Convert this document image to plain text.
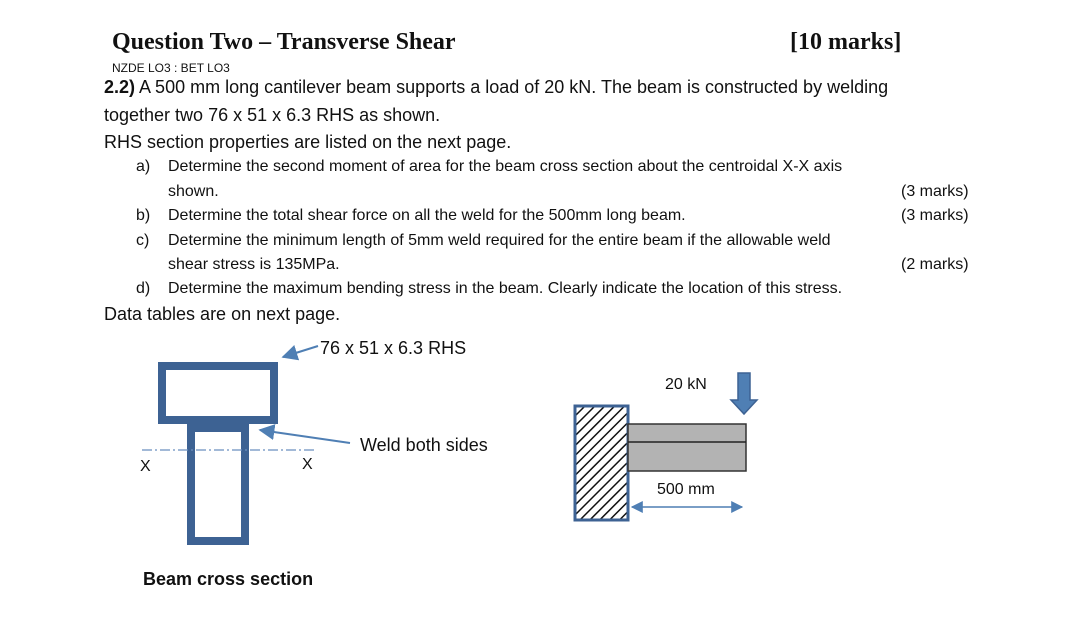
Question Two – Transverse Shear	[10 marks]
NZDE LO3 : BET LO3
2.2) A 500 mm long cantilever beam supports a load of 20 kN. The beam is constructed by welding
together two 76 x 51 x 6.3 RHS as shown.
RHS section properties are listed on the next page.
a) Determine the second moment of area for the beam cross section about the centroidal X-X axis
shown.	(3 marks)
b) Determine the total shear force on all the weld for the 500mm long beam.	(3 marks)
c) Determine the minimum length of 5mm weld required for the entire beam if the allowable weld
shear stress is 135MPa.	(2 marks)
d) Determine the maximum bending stress in the beam. Clearly indicate the location of this stress.
Data tables are on next page.
76 x 51 x 6.3 RHS
Weld both sides
X	X
Beam cross section
20 kN
500 mm
